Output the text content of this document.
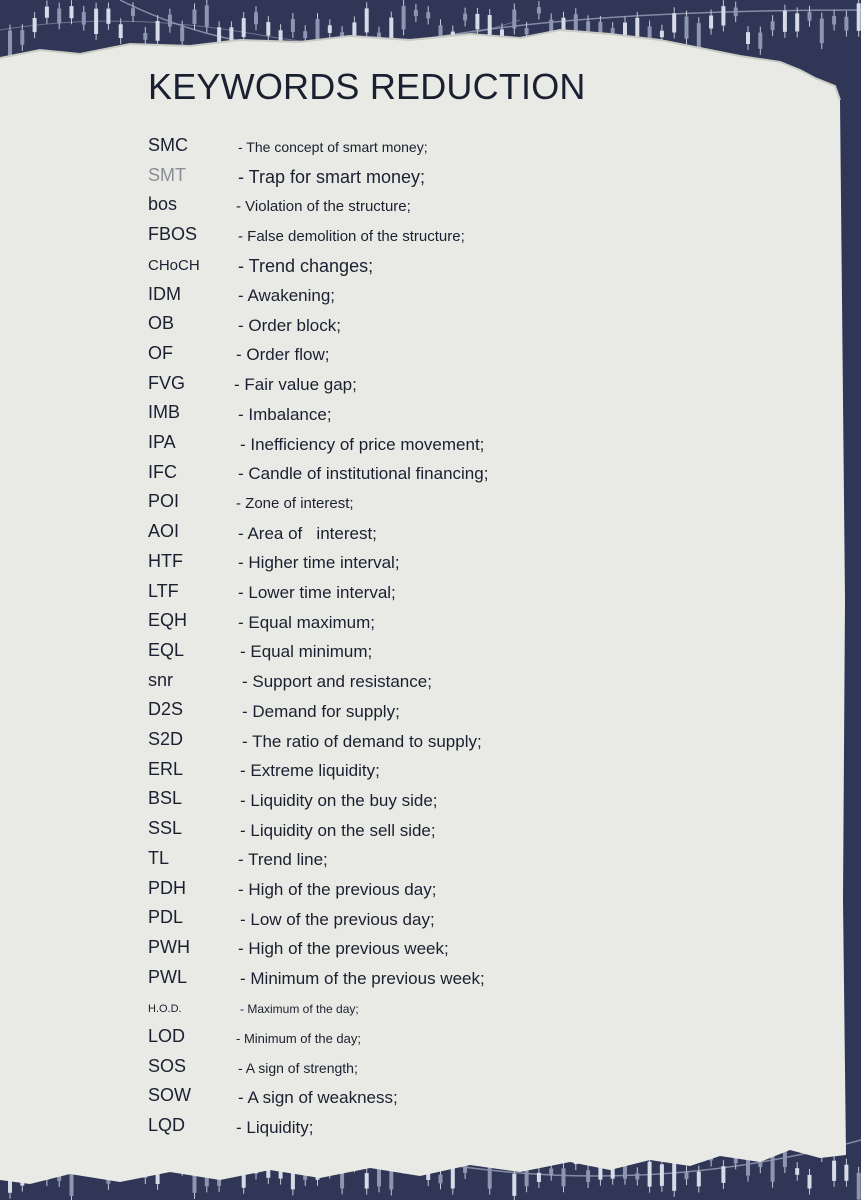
KEYWORDS REDUCTION
SMC	- The concept of smart money;
SMT	- Trap for smart money;
bos	- Violation of the structure;
FBOS	- False demolition of the structure;
CHoCH - Trend changes;
IDM	- Awakening;
OB	- Order block;
OF	- Order flow;
FVG	- Fair value gap;
IMB	- Imbalance;
IPA	- Inefficiency of price movement;
IFC	- Candle of institutional financing;
POI	- Zone of interest;
AOI	- Area of   interest;
HTF	- Higher time interval;
LTF	- Lower time interval;
EQH	- Equal maximum;
EQL	- Equal minimum;
snr	- Support and resistance;
D2S	- Demand for supply;
S2D	- The ratio of demand to supply;
ERL	- Extreme liquidity;
BSL	- Liquidity on the buy side;
SSL	- Liquidity on the sell side;
TL	- Trend line;
PDH	- High of the previous day;
PDL	- Low of the previous day;
PWH	- High of the previous week;
PWL	- Minimum of the previous week;
H.O.D.	- Maximum of the day;
LOD	- Minimum of the day;
SOS	- A sign of strength;
SOW	- A sign of weakness;
LQD	- Liquidity;
